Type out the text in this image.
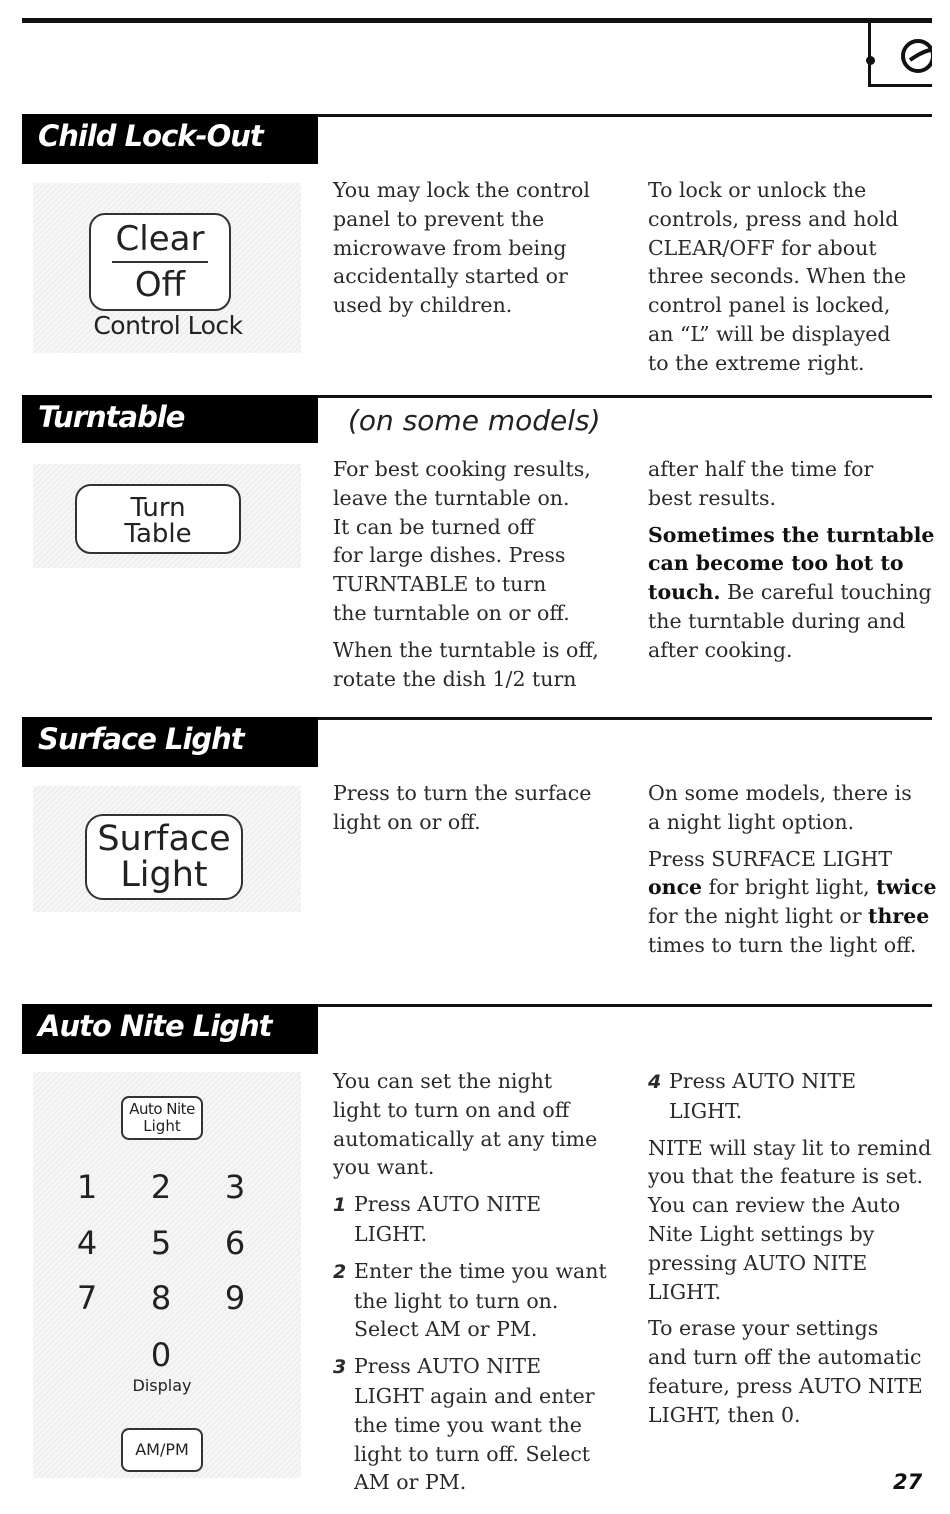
Child Lock-Out
Clear
Off
Control Lock
You may lock the control
panel to prevent the
microwave from being
accidentally started or
used by children.
To lock or unlock the
controls, press and hold
CLEAR/OFF for about
three seconds. When the
control panel is locked,
an “L” will be displayed
to the extreme right.
Turntable	(on some models)
Turn
Table

For best cooking results,
leave the turntable on.
It can be turned off
for large dishes. Press
TURNTABLE to turn
the turntable on or off.

When the turntable is off,
rotate the dish 1/2 turn

after half the time for
best results.

Sometimes the turntable
can become too hot to
touch. Be careful touching
the turntable during and
after cooking.

Surface Light
Surface
Light
Press to turn the surface
light on or off.

On some models, there is
a night light option.

Press SURFACE LIGHT
once for bright light, twice
for the night light or three
times to turn the light off.

Auto Nite Light
Auto Nite
Light
1	2	3
4	5	6
7	8	9
0
Display
AM/PM

You can set the night
light to turn on and off
automatically at any time
you want.

1 Press AUTO NITE
LIGHT.
2 Enter the time you want
the light to turn on.
Select AM or PM.
3 Press AUTO NITE
LIGHT again and enter
the time you want the
light to turn off. Select
AM or PM.
4 Press AUTO NITE
LIGHT.

NITE will stay lit to remind
you that the feature is set.
You can review the Auto
Nite Light settings by
pressing AUTO NITE
LIGHT.

To erase your settings
and turn off the automatic
feature, press AUTO NITE
LIGHT, then 0.

27
